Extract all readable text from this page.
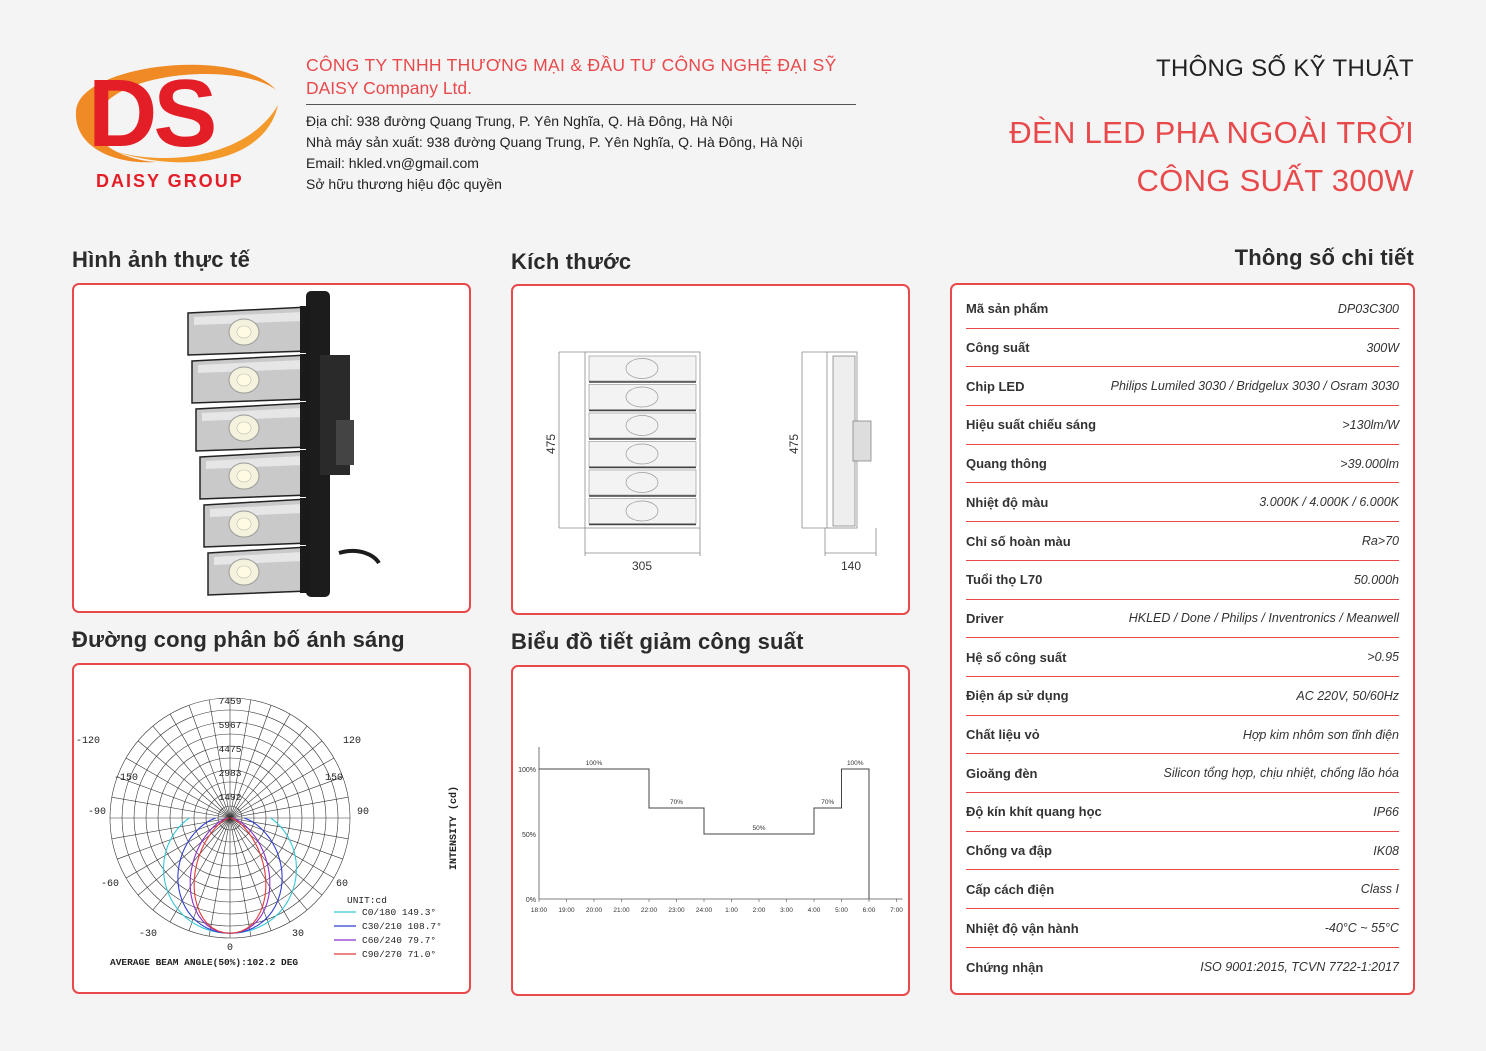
DS
DAISY GROUP
CÔNG TY TNHH THƯƠNG MẠI & ĐẦU TƯ CÔNG NGHỆ ĐẠI SỸ
DAISY Company Ltd.
Địa chỉ: 938 đường Quang Trung, P. Yên Nghĩa, Q. Hà Đông, Hà Nội
Nhà máy sản xuất: 938 đường Quang Trung, P. Yên Nghĩa, Q. Hà Đông, Hà Nội
Email: hkled.vn@gmail.com
Sở hữu thương hiệu độc quyền
THÔNG SỐ KỸ THUẬT
ĐÈN LED PHA NGOÀI TRỜI
CÔNG SUẤT 300W
Hình ảnh thực tế	Kích thước	Thông số chi tiết
Đường cong phân bố ánh sáng	Biểu đồ tiết giảm công suất
475
305
475
140
Mã sản phẩm	DP03C300
Công suất	300W
Chip LED	Philips Lumiled 3030 / Bridgelux 3030 / Osram 3030
Hiệu suất chiếu sáng	>130lm/W
Quang thông	>39.000lm
Nhiệt độ màu	3.000K / 4.000K / 6.000K
Chỉ số hoàn màu	Ra>70
Tuổi thọ L70	50.000h
Driver	HKLED / Done / Philips / Inventronics / Meanwell
Hệ số công suất	>0.95
Điện áp sử dụng	AC 220V, 50/60Hz
Chất liệu vỏ	Hợp kim nhôm sơn tĩnh điện
Gioăng đèn	Silicon tổng hợp, chịu nhiệt, chống lão hóa
Độ kín khít quang học	IP66
Chống va đập	IK08
Cấp cách điện	Class I
Nhiệt độ vận hành	-40°C ~ 55°C
Chứng nhận	ISO 9001:2015, TCVN 7722-1:2017
-150	150
-120	120
-90	90
-60	60
-30	30
0
7459
5967
4475
2983
1492	INTENSITY (cd)
UNIT:cd
C0/180 149.3°
C30/210 108.7°
C60/240 79.7°
C90/270 71.0°
AVERAGE BEAM ANGLE(50%):102.2 DEG
100%
50%
0%
18:00 19:00 20:00 21:00 22:00 23:00 24:00 1:00 2:00 3:00 4:00 5:00 6:00 7:00
100%
70%
50%
70%
100%
